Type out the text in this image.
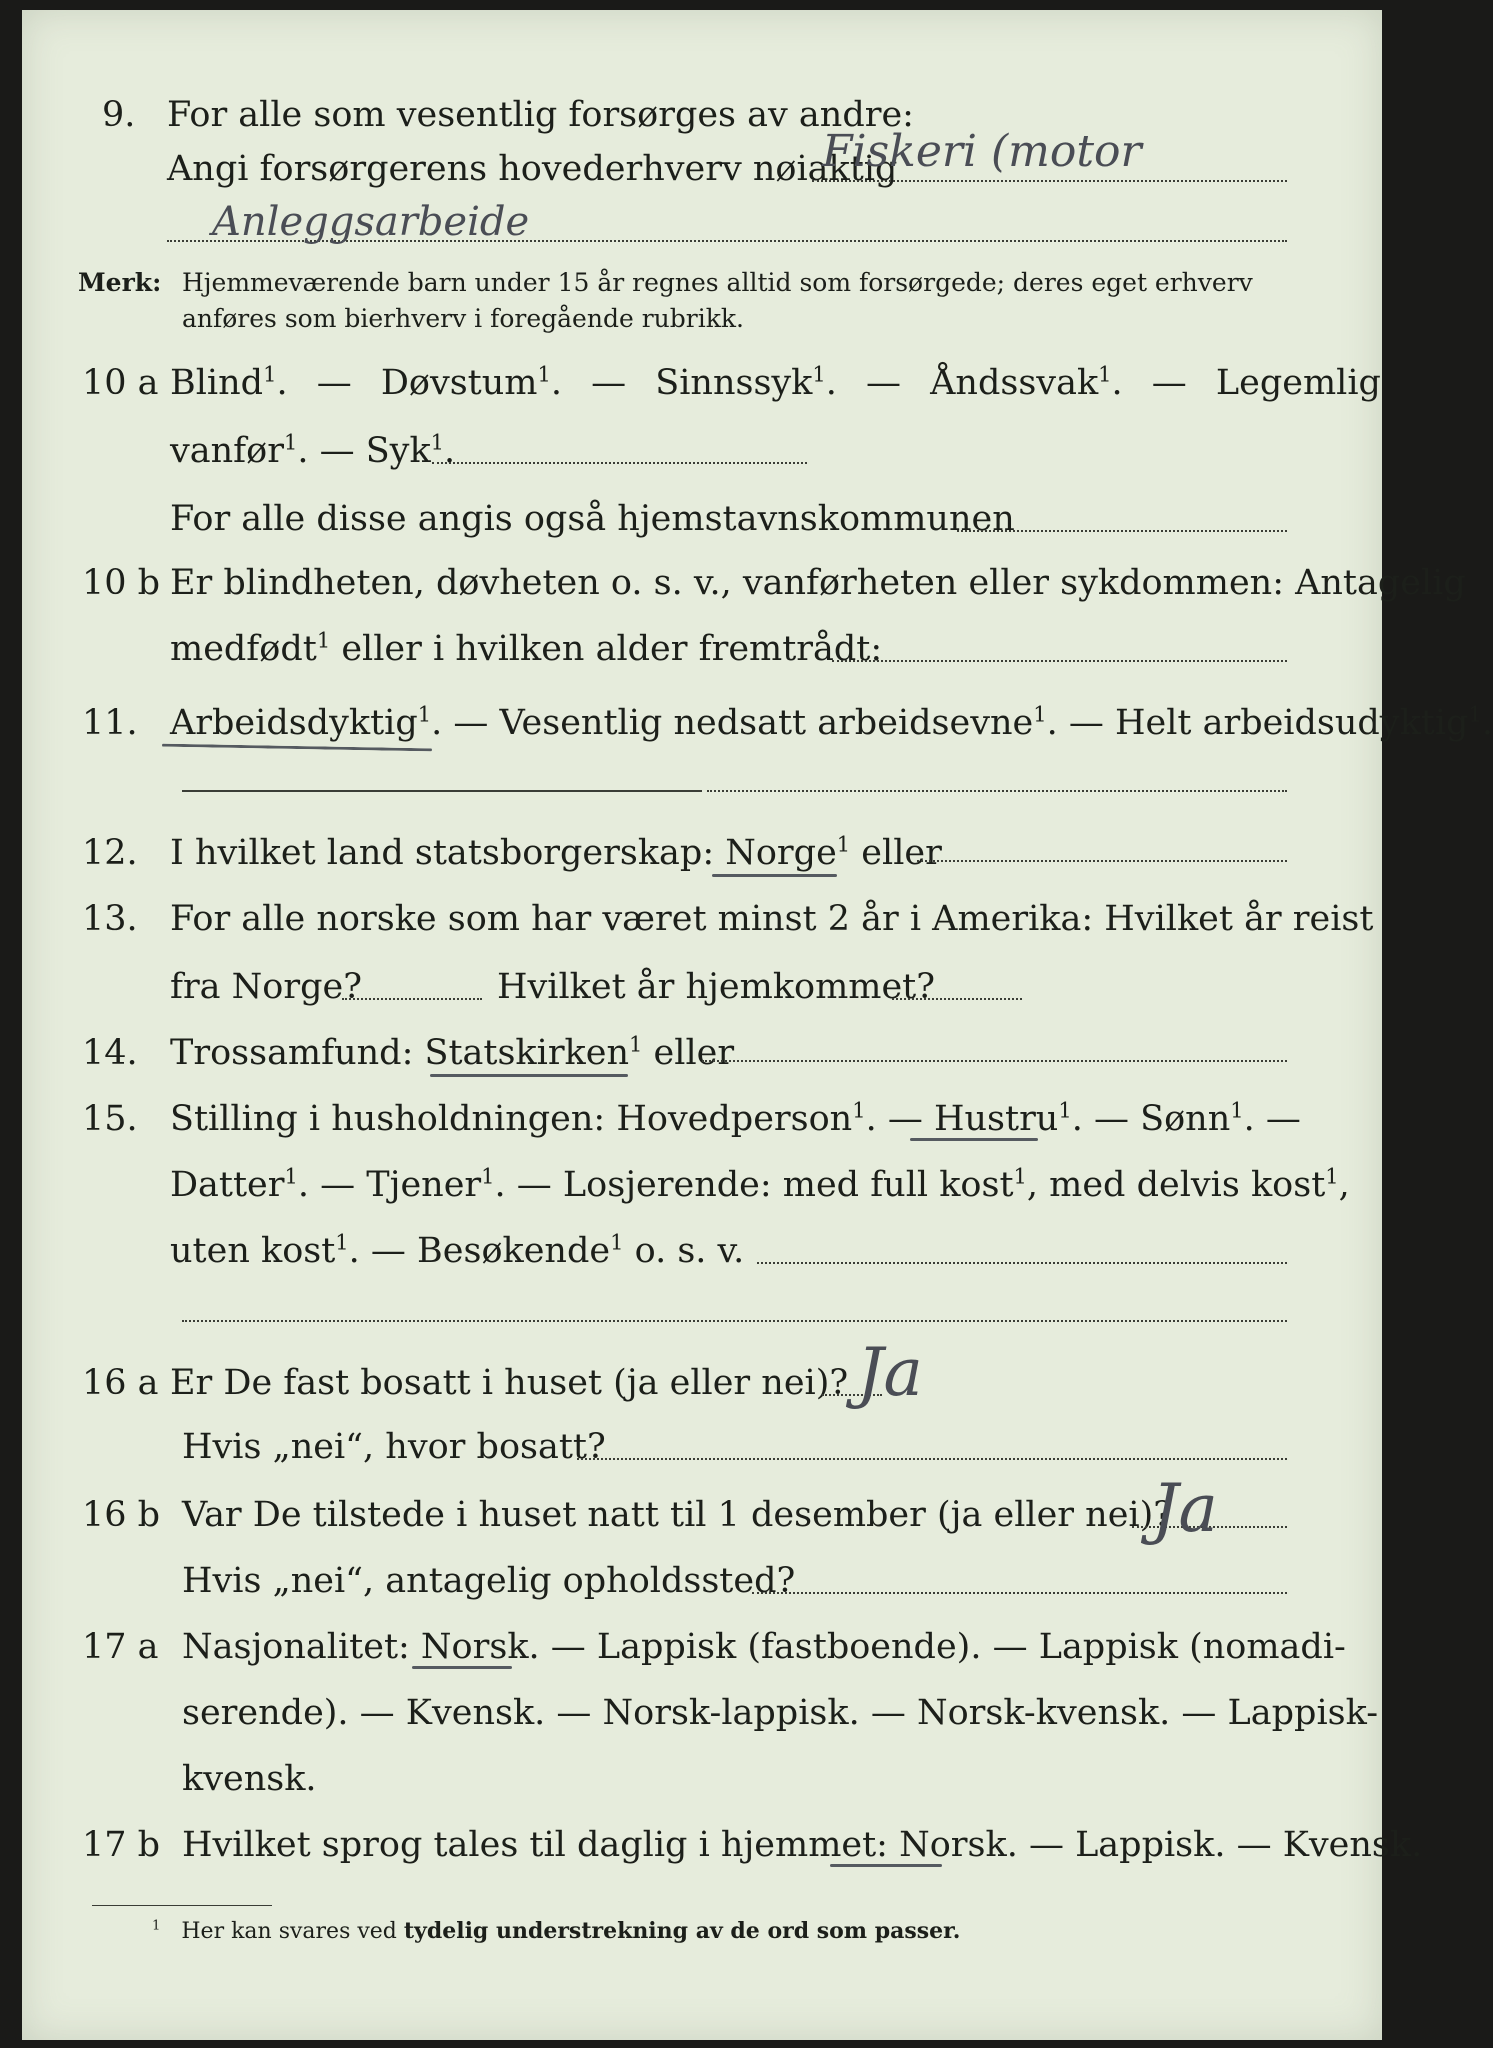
9. For alle som vesentlig forsørges av andre:
Angi forsørgerens hovederhverv nøiaktig
Fiskeri (motor
Anleggsarbeide
Merk: Hjemmeværende barn under 15 år regnes alltid som forsørgede; deres eget erhverv
anføres som bierhverv i foregående rubrikk.
10 a Blind$^1$. — Døvstum$^1$. — Sinnssyk$^1$. — Åndssvak$^1$. — Legemlig
vanfør$^1$. — Syk$^1$.
For alle disse angis også hjemstavnskommunen
10 b Er blindheten, døvheten o. s. v., vanførheten eller sykdommen: Antagelig
medfødt$^1$ eller i hvilken alder fremtrådt:
11. Arbeidsdyktig$^1$. — Vesentlig nedsatt arbeidsevne$^1$. — Helt arbeidsudyktig$^1$.
12. I hvilket land statsborgerskap: Norge$^1$ eller
13. For alle norske som har været minst 2 år i Amerika: Hvilket år reist
fra Norge?	Hvilket år hjemkommet?
14. Trossamfund: Statskirken$^1$ eller
15. Stilling i husholdningen: Hovedperson$^1$. — Hustru$^1$. — Sønn$^1$. —
Datter$^1$. — Tjener$^1$. — Losjerende: med full kost$^1$, med delvis kost$^1$,
uten kost$^1$. — Besøkende$^1$ o. s. v.
16 a Er De fast bosatt i huset (ja eller nei)? Ja
Hvis „nei“, hvor bosatt?
16 b Var De tilstede i huset natt til 1 desember (ja eller nei)?
Ja
Hvis „nei“, antagelig opholdssted?
17 a Nasjonalitet: Norsk. — Lappisk (fastboende). — Lappisk (nomadi-
serende). — Kvensk. — Norsk-lappisk. — Norsk-kvensk. — Lappisk-
kvensk.
17 b Hvilket sprog tales til daglig i hjemmet: Norsk. — Lappisk. — Kvensk.
$^1$ Her kan svares ved tydelig understrekning av de ord som passer.
